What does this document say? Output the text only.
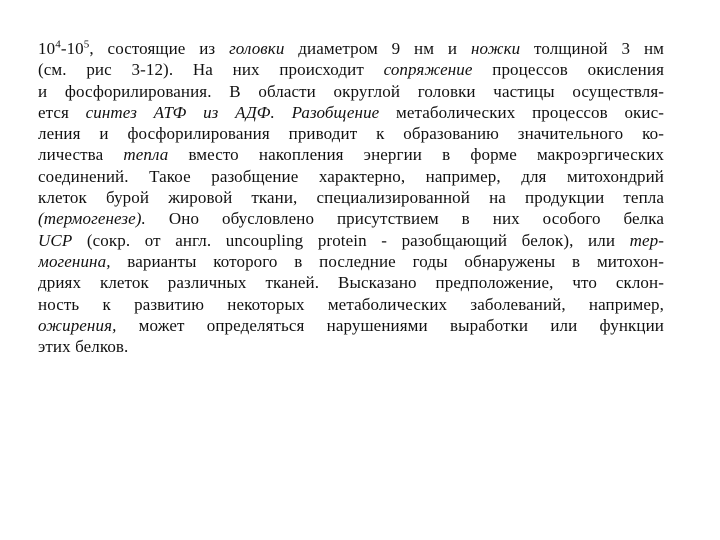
$10^4-10^5$, состоящие из головки диаметром 9 нм и ножки толщиной 3 нм
(см. рис 3-12). На них происходит сопряжение процессов окисления
и фосфорилирования. В области округлой головки частицы осуществля-
ется синтез АТФ из АДФ. Разобщение метаболических процессов окис-
ления и фосфорилирования приводит к образованию значительного ко-
личества тепла вместо накопления энергии в форме макроэргических
соединений. Такое разобщение характерно, например, для митохондрий
клеток бурой жировой ткани, специализированной на продукции тепла
(термогенезе). Оно обусловлено присутствием в них особого белка
UCP (сокр. от англ. uncoupling protein - разобщающий белок), или тер-
могенина, варианты которого в последние годы обнаружены в митохон-
дриях клеток различных тканей. Высказано предположение, что склон-
ность к развитию некоторых метаболических заболеваний, например,
ожирения, может определяться нарушениями выработки или функции
этих белков.
